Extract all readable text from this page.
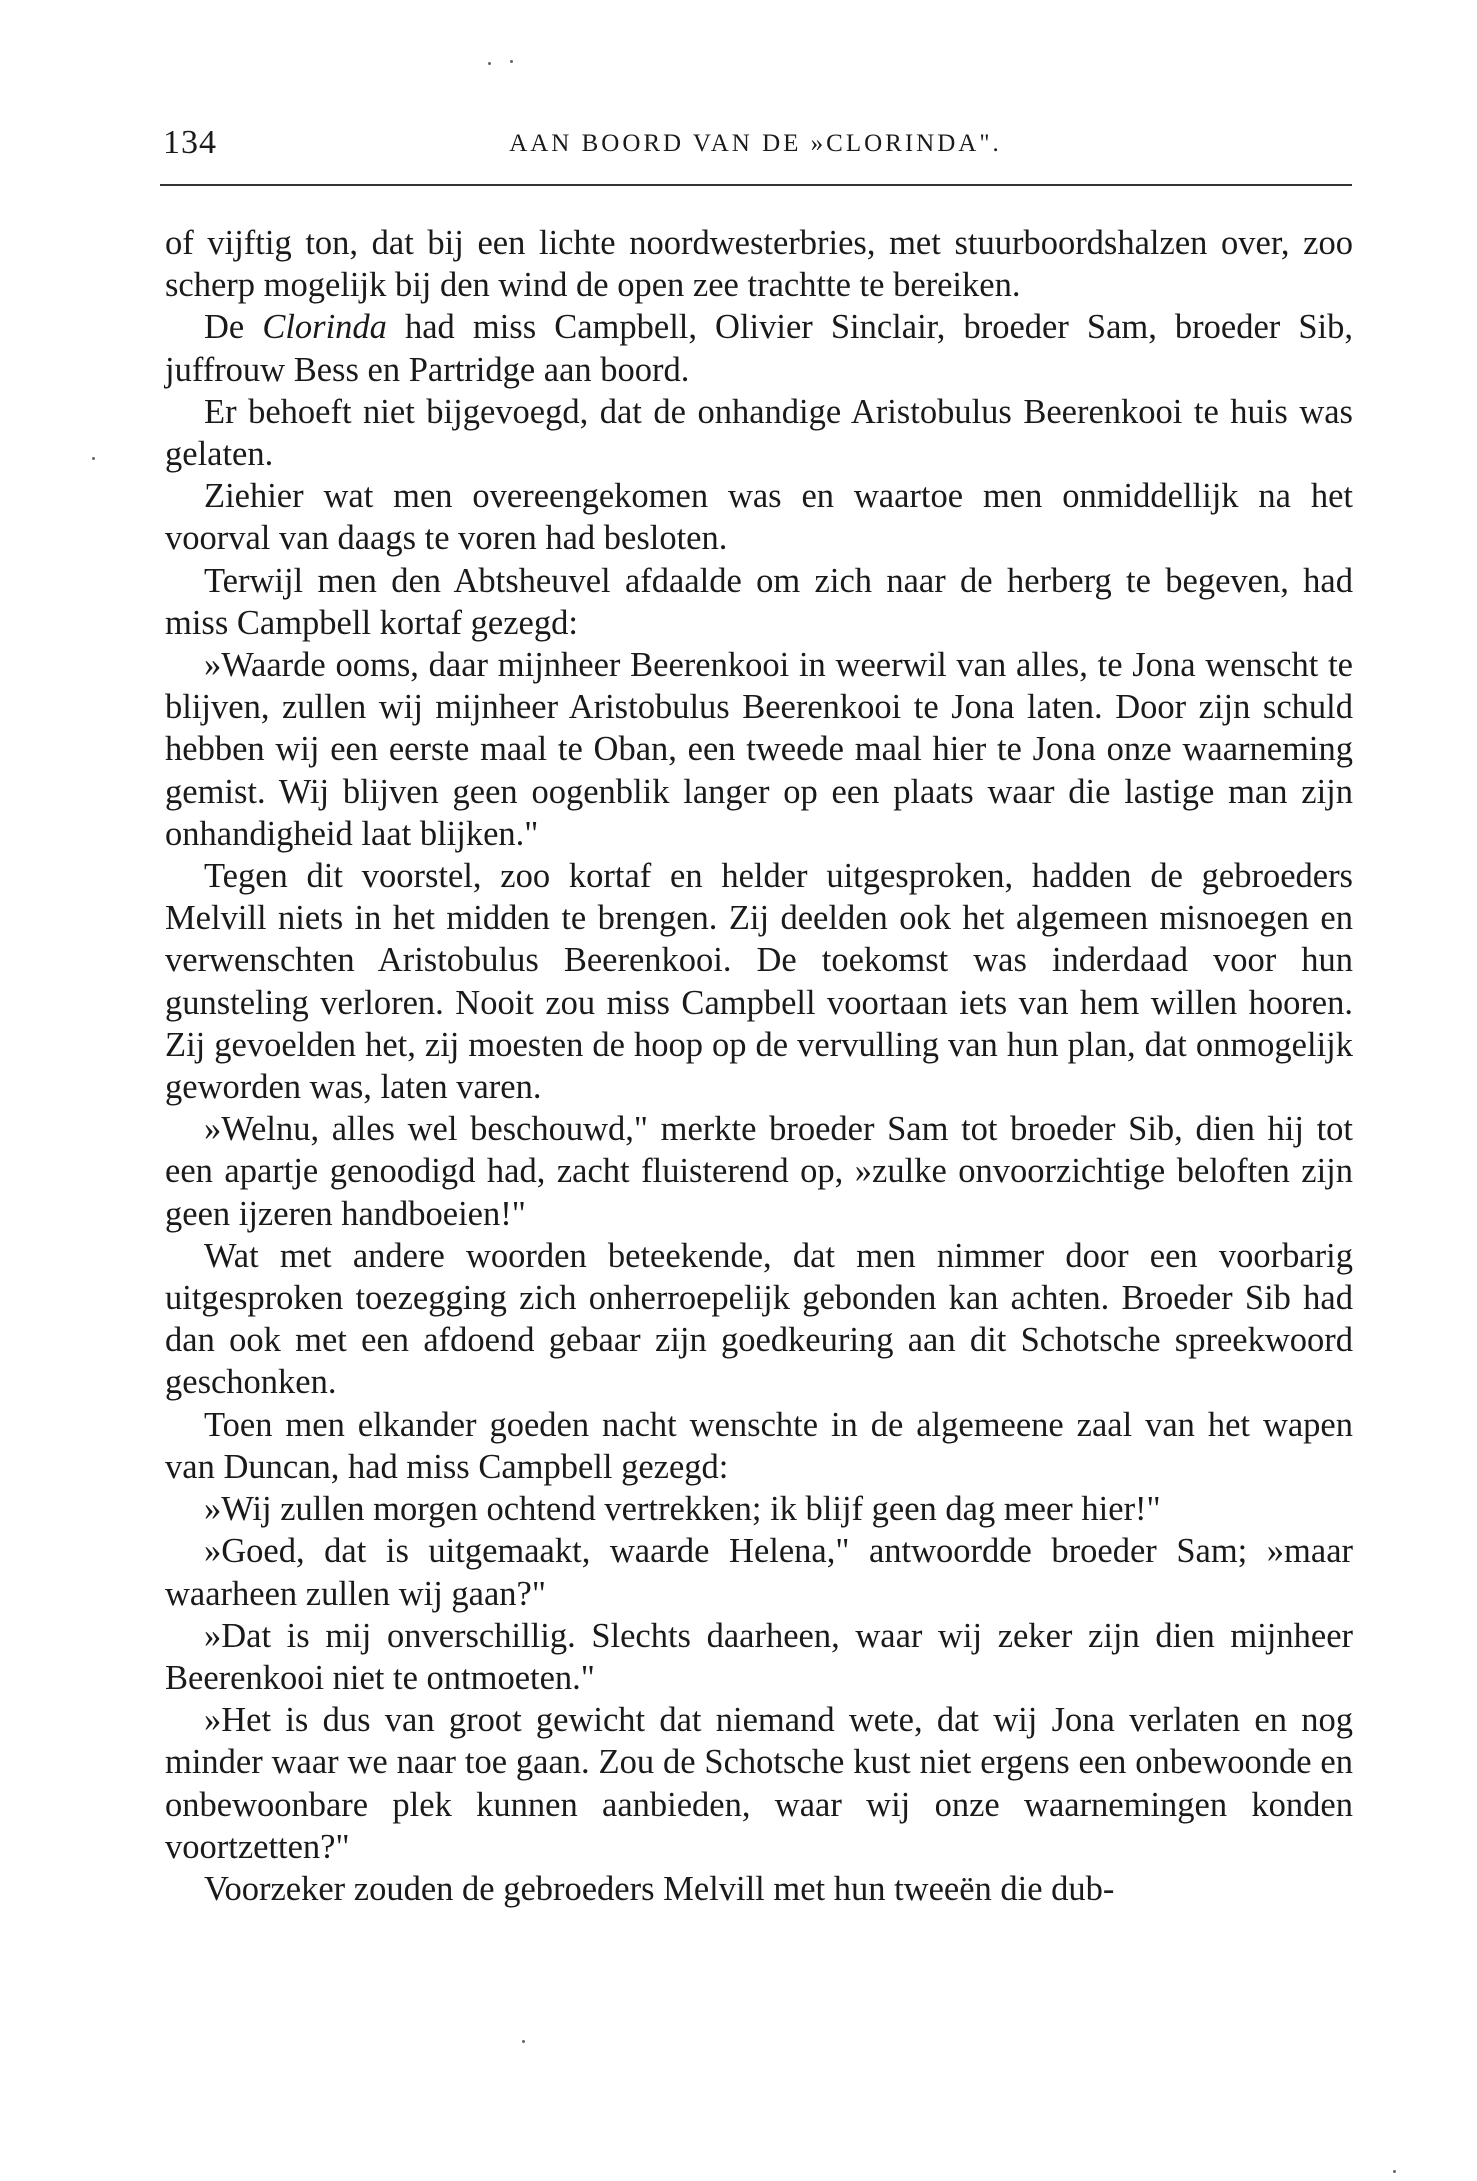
134	AAN BOORD VAN DE »CLORINDA".

of vijftig ton, dat bij een lichte noordwesterbries, met stuurboordshalzen over, zoo scherp mogelijk bij den wind de open zee trachtte te bereiken.

De Clorinda had miss Campbell, Olivier Sinclair, broeder Sam, broeder Sib, juffrouw Bess en Partridge aan boord.

Er behoeft niet bijgevoegd, dat de onhandige Aristobulus Beerenkooi te huis was gelaten.

Ziehier wat men overeengekomen was en waartoe men onmiddellijk na het voorval van daags te voren had besloten.

Terwijl men den Abtsheuvel afdaalde om zich naar de herberg te begeven, had miss Campbell kortaf gezegd:

»Waarde ooms, daar mijnheer Beerenkooi in weerwil van alles, te Jona wenscht te blijven, zullen wij mijnheer Aristobulus Beerenkooi te Jona laten. Door zijn schuld hebben wij een eerste maal te Oban, een tweede maal hier te Jona onze waarneming gemist. Wij blijven geen oogenblik langer op een plaats waar die lastige man zijn onhandigheid laat blijken."

Tegen dit voorstel, zoo kortaf en helder uitgesproken, hadden de gebroeders Melvill niets in het midden te brengen. Zij deelden ook het algemeen misnoegen en verwenschten Aristobulus Beerenkooi. De toekomst was inderdaad voor hun gunsteling verloren. Nooit zou miss Campbell voortaan iets van hem willen hooren. Zij gevoelden het, zij moesten de hoop op de vervulling van hun plan, dat onmogelijk geworden was, laten varen.

»Welnu, alles wel beschouwd," merkte broeder Sam tot broeder Sib, dien hij tot een apartje genoodigd had, zacht fluisterend op, »zulke onvoorzichtige beloften zijn geen ijzeren handboeien!"

Wat met andere woorden beteekende, dat men nimmer door een voorbarig uitgesproken toezegging zich onherroepelijk gebonden kan achten. Broeder Sib had dan ook met een afdoend gebaar zijn goedkeuring aan dit Schotsche spreekwoord geschonken.

Toen men elkander goeden nacht wenschte in de algemeene zaal van het wapen van Duncan, had miss Campbell gezegd:

»Wij zullen morgen ochtend vertrekken; ik blijf geen dag meer hier!"

»Goed, dat is uitgemaakt, waarde Helena," antwoordde broeder Sam; »maar waarheen zullen wij gaan?"

»Dat is mij onverschillig. Slechts daarheen, waar wij zeker zijn dien mijnheer Beerenkooi niet te ontmoeten."

»Het is dus van groot gewicht dat niemand wete, dat wij Jona verlaten en nog minder waar we naar toe gaan. Zou de Schotsche kust niet ergens een onbewoonde en onbewoonbare plek kunnen aanbieden, waar wij onze waarnemingen konden voortzetten?"

Voorzeker zouden de gebroeders Melvill met hun tweeën die dub-
